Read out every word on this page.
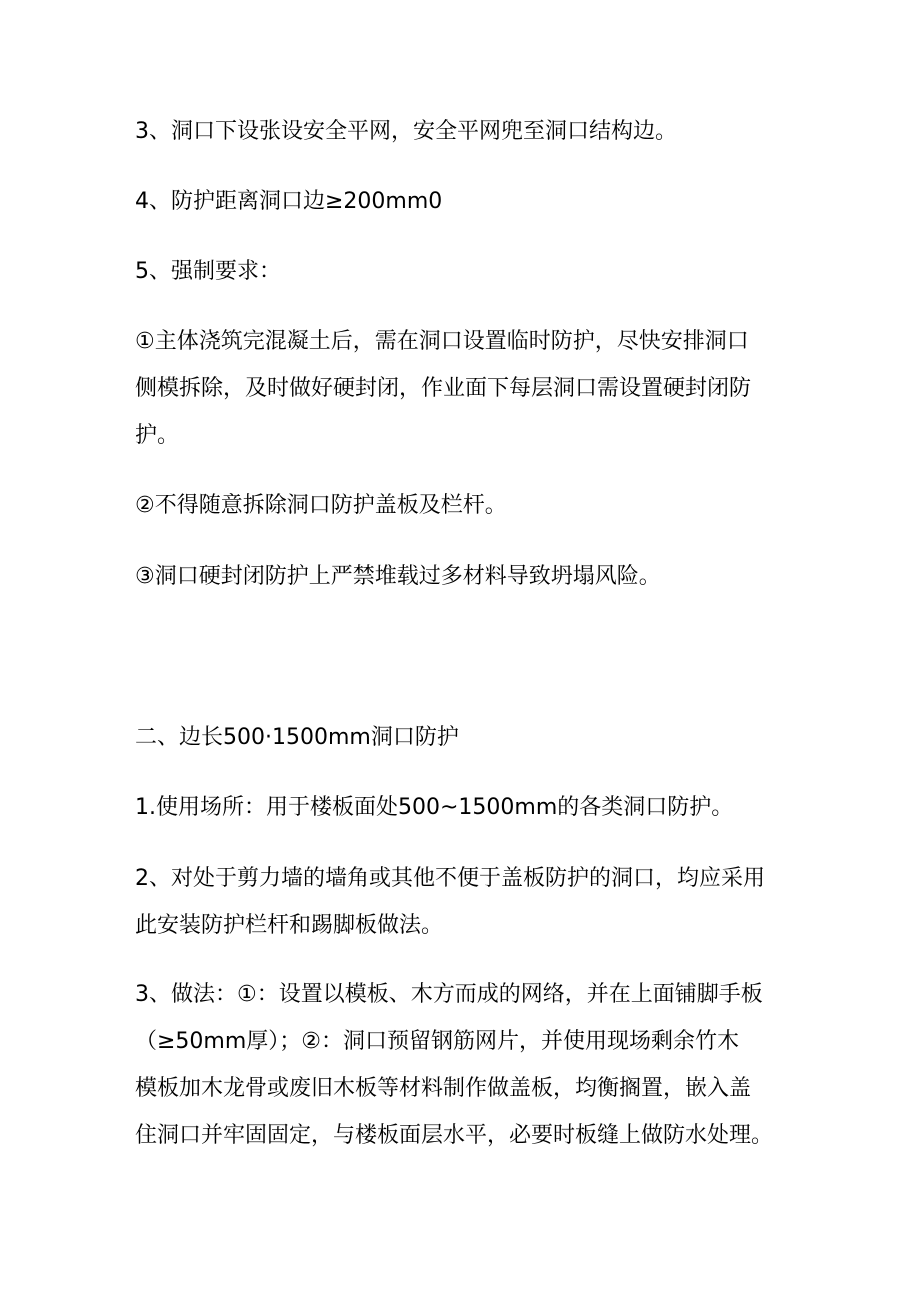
3、洞口下设张设安全平网，安全平网兜至洞口结构边。

4、防护距离洞口边≥200mm0

5、强制要求：

①主体浇筑完混凝土后，需在洞口设置临时防护，尽快安排洞口
侧模拆除，及时做好硬封闭，作业面下每层洞口需设置硬封闭防
护。

②不得随意拆除洞口防护盖板及栏杆。

③洞口硬封闭防护上严禁堆载过多材料导致坍塌风险。

二、边长500·1500mm洞口防护

1.使用场所：用于楼板面处500~1500mm的各类洞口防护。

2、对处于剪力墙的墙角或其他不便于盖板防护的洞口，均应采用
此安装防护栏杆和踢脚板做法。

3、做法：①：设置以模板、木方而成的网络，并在上面铺脚手板
（≥50mm厚）；②：洞口预留钢筋网片，并使用现场剩余竹木
模板加木龙骨或废旧木板等材料制作做盖板，均衡搁置，嵌入盖
住洞口并牢固固定，与楼板面层水平，必要时板缝上做防水处理。
